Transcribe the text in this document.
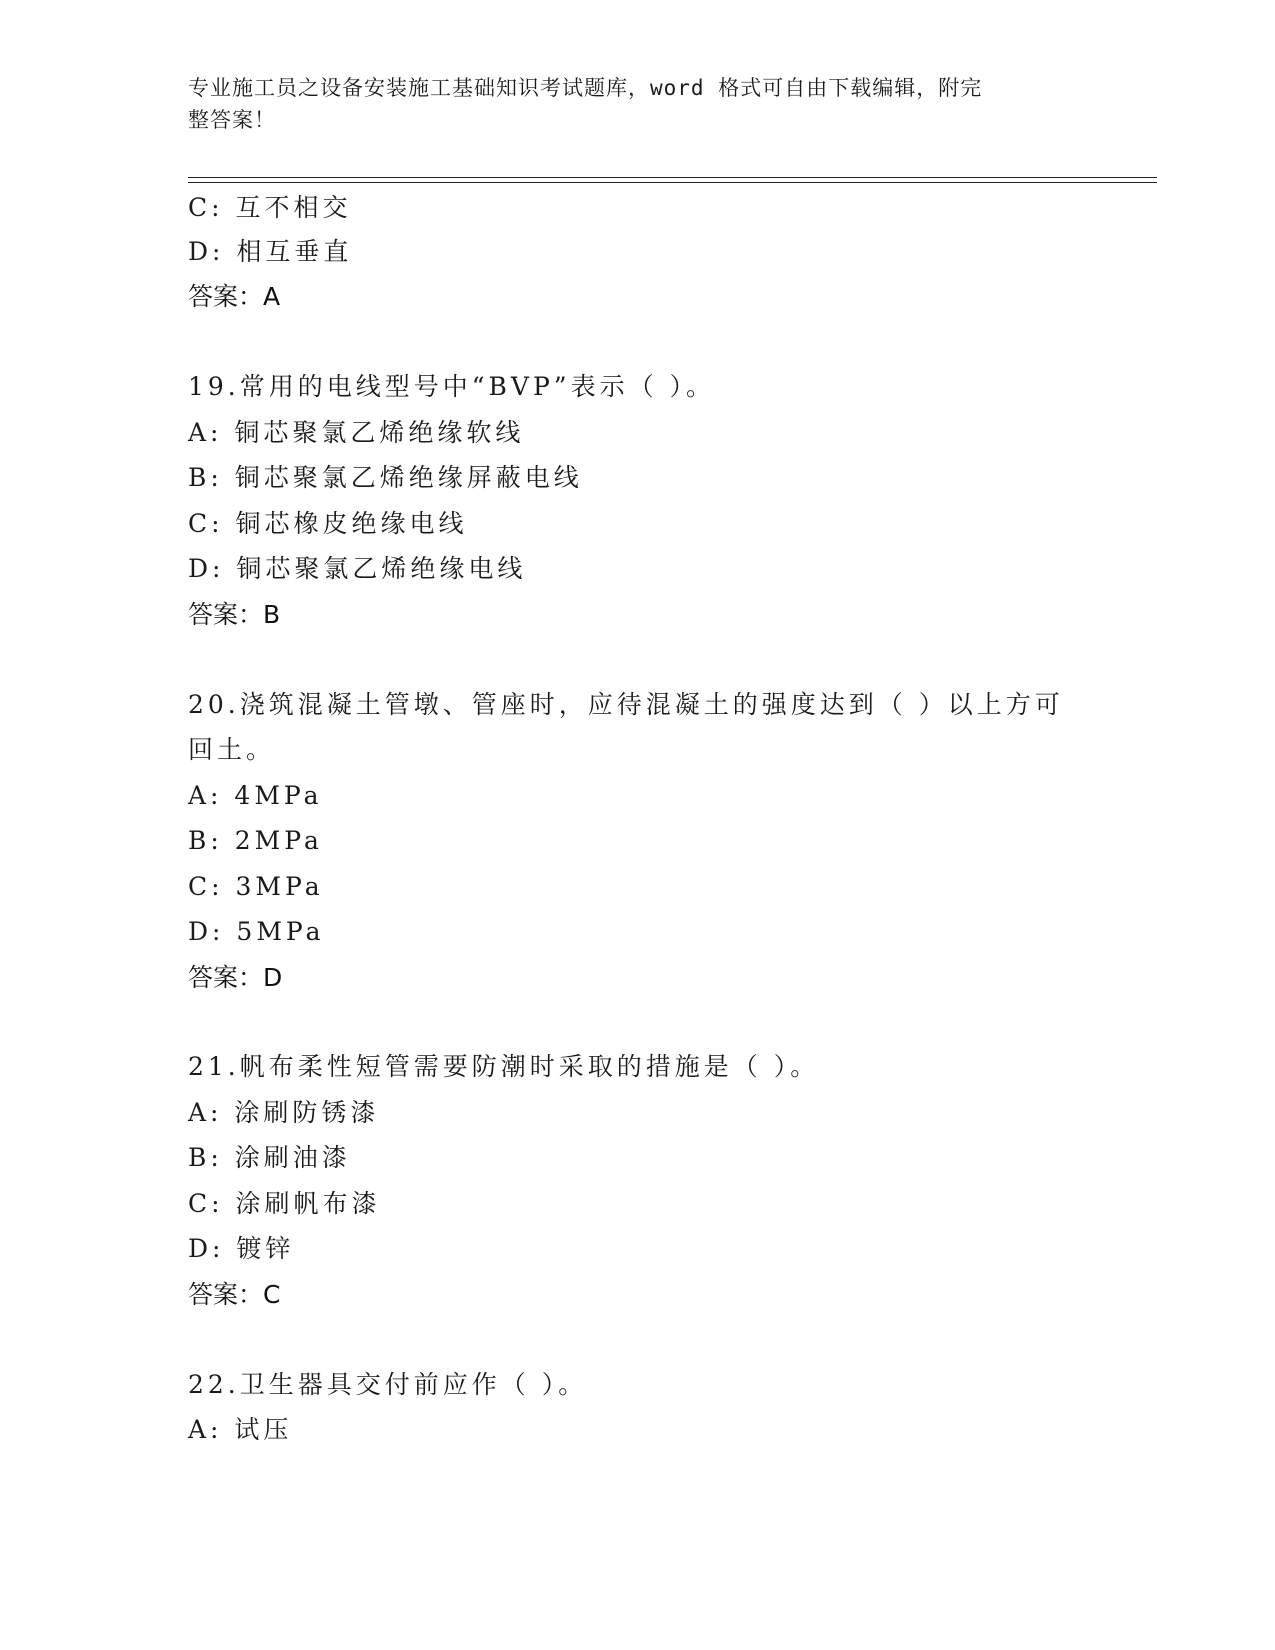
专业施工员之设备安装施工基础知识考试题库，word 格式可自由下载编辑，附完
整答案！
C: 互不相交
D: 相互垂直
答案：A
19.常用的电线型号中“BVP”表示（ ）。
A: 铜芯聚氯乙烯绝缘软线
B: 铜芯聚氯乙烯绝缘屏蔽电线
C: 铜芯橡皮绝缘电线
D: 铜芯聚氯乙烯绝缘电线
答案：B
20.浇筑混凝土管墩、管座时，应待混凝土的强度达到（ ）以上方可
回土。
A: 4MPa
B: 2MPa
C: 3MPa
D: 5MPa
答案：D
21.帆布柔性短管需要防潮时采取的措施是（ ）。
A: 涂刷防锈漆
B: 涂刷油漆
C: 涂刷帆布漆
D: 镀锌
答案：C
22.卫生器具交付前应作（ ）。
A: 试压
